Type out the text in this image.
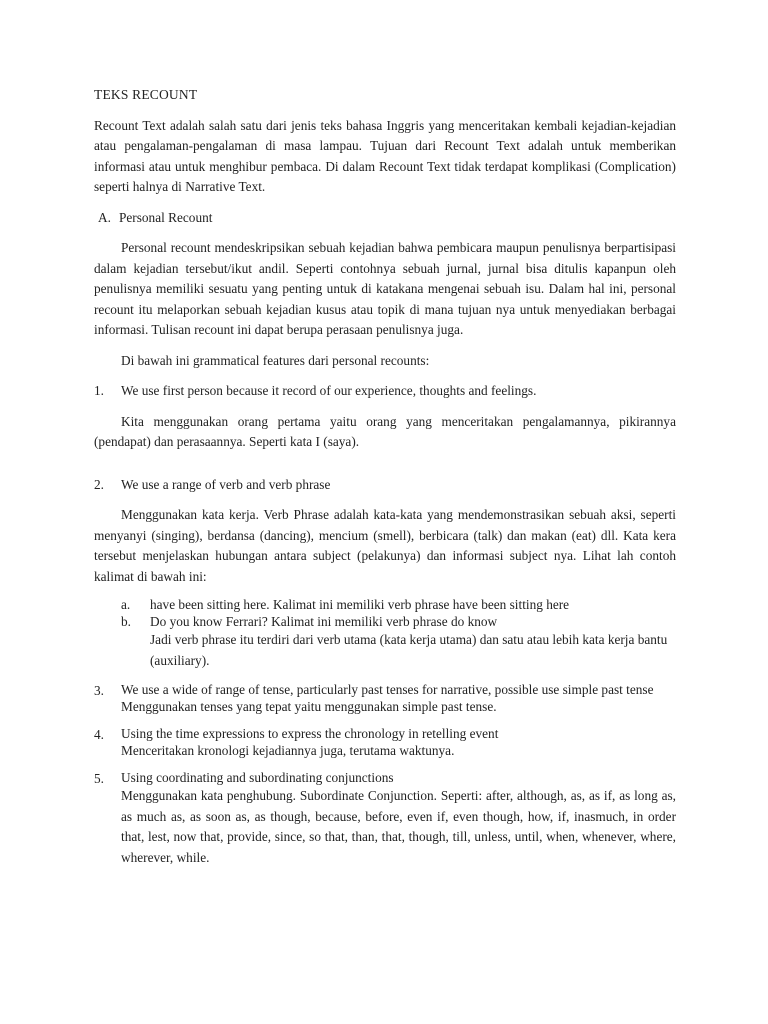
TEKS RECOUNT

Recount Text adalah salah satu dari jenis teks bahasa Inggris yang menceritakan kembali kejadian-kejadian atau pengalaman-pengalaman di masa lampau. Tujuan dari Recount Text adalah untuk memberikan informasi atau untuk menghibur pembaca. Di dalam Recount Text tidak terdapat komplikasi (Complication) seperti halnya di Narrative Text.

A. Personal Recount

Personal recount mendeskripsikan sebuah kejadian bahwa pembicara maupun penulisnya berpartisipasi dalam kejadian tersebut/ikut andil. Seperti contohnya sebuah jurnal, jurnal bisa ditulis kapanpun oleh penulisnya memiliki sesuatu yang penting untuk di katakana mengenai sebuah isu. Dalam hal ini, personal recount itu melaporkan sebuah kejadian kusus atau topik di mana tujuan nya untuk menyediakan berbagai informasi. Tulisan recount ini dapat berupa perasaan penulisnya juga.

Di bawah ini grammatical features dari personal recounts:

1.	We use first person because it record of our experience, thoughts and feelings.

Kita menggunakan orang pertama yaitu orang yang menceritakan pengalamannya, pikirannya (pendapat) dan perasaannya. Seperti kata I (saya).

2.	We use a range of verb and verb phrase

Menggunakan kata kerja. Verb Phrase adalah kata-kata yang mendemonstrasikan sebuah aksi, seperti menyanyi (singing), berdansa (dancing), mencium (smell), berbicara (talk) dan makan (eat) dll. Kata kera tersebut menjelaskan hubungan antara subject (pelakunya) dan informasi subject nya. Lihat lah contoh kalimat di bawah ini:

a.	have been sitting here. Kalimat ini memiliki verb phrase have been sitting here
b.	Do you know Ferrari? Kalimat ini memiliki verb phrase do know

Jadi verb phrase itu terdiri dari verb utama (kata kerja utama) dan satu atau lebih kata kerja bantu (auxiliary).

3.	We use a wide of range of tense, particularly past tenses for narrative, possible use simple past tense

Menggunakan tenses yang tepat yaitu menggunakan simple past tense.

4.	Using the time expressions to express the chronology in retelling event

Menceritakan kronologi kejadiannya juga, terutama waktunya.

5.	Using coordinating and subordinating conjunctions

Menggunakan kata penghubung. Subordinate Conjunction. Seperti: after, although, as, as if, as long as, as much as, as soon as, as though, because, before, even if, even though, how, if, inasmuch, in order that, lest, now that, provide, since, so that, than, that, though, till, unless, until, when, whenever, where, wherever, while.
